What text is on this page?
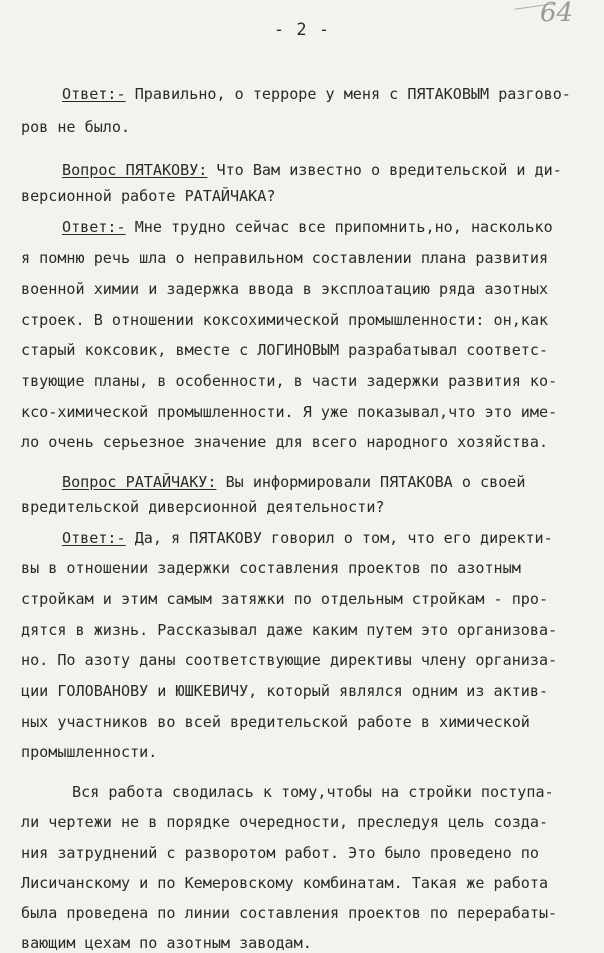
- 2 -
64
Ответ:- Правильно, о терроре у меня с ПЯТАКОВЫМ разгово-
ров не было.
Вопрос ПЯТАКОВУ: Что Вам известно о вредительской и ди-
версионной работе РАТАЙЧАКА?
Ответ:- Мне трудно сейчас все припомнить,но, насколько
я помню речь шла о неправильном составлении плана развития
военной химии и задержка ввода в эксплоатацию ряда азотных
строек. В отношении коксохимической промышленности: он,как
старый коксовик, вместе с ЛОГИНОВЫМ разрабатывал соответс-
твующие планы, в особенности, в части задержки развития ко-
ксо-химической промышленности. Я уже показывал,что это име-
ло очень серьезное значение для всего народного хозяйства.
Вопрос РАТАЙЧАКУ: Вы информировали ПЯТАКОВА о своей
вредительской диверсионной деятельности?
Ответ:- Да, я ПЯТАКОВУ говорил о том, что его директи-
вы в отношении задержки составления проектов по азотным
стройкам и этим самым затяжки по отдельным стройкам - про-
дятся в жизнь. Рассказывал даже каким путем это организова-
но. По азоту даны соответствующие директивы члену организа-
ции ГОЛОВАНОВУ и ЮШКЕВИЧУ, который являлся одним из актив-
ных участников во всей вредительской работе в химической
промышленности.
Вся работа сводилась к тому,чтобы на стройки поступа-
ли чертежи не в порядке очередности, преследуя цель созда-
ния затруднений с разворотом работ. Это было проведено по
Лисичанскому и по Кемеровскому комбинатам. Такая же работа
была проведена по линии составления проектов по перерабаты-
вающим цехам по азотным заводам.
